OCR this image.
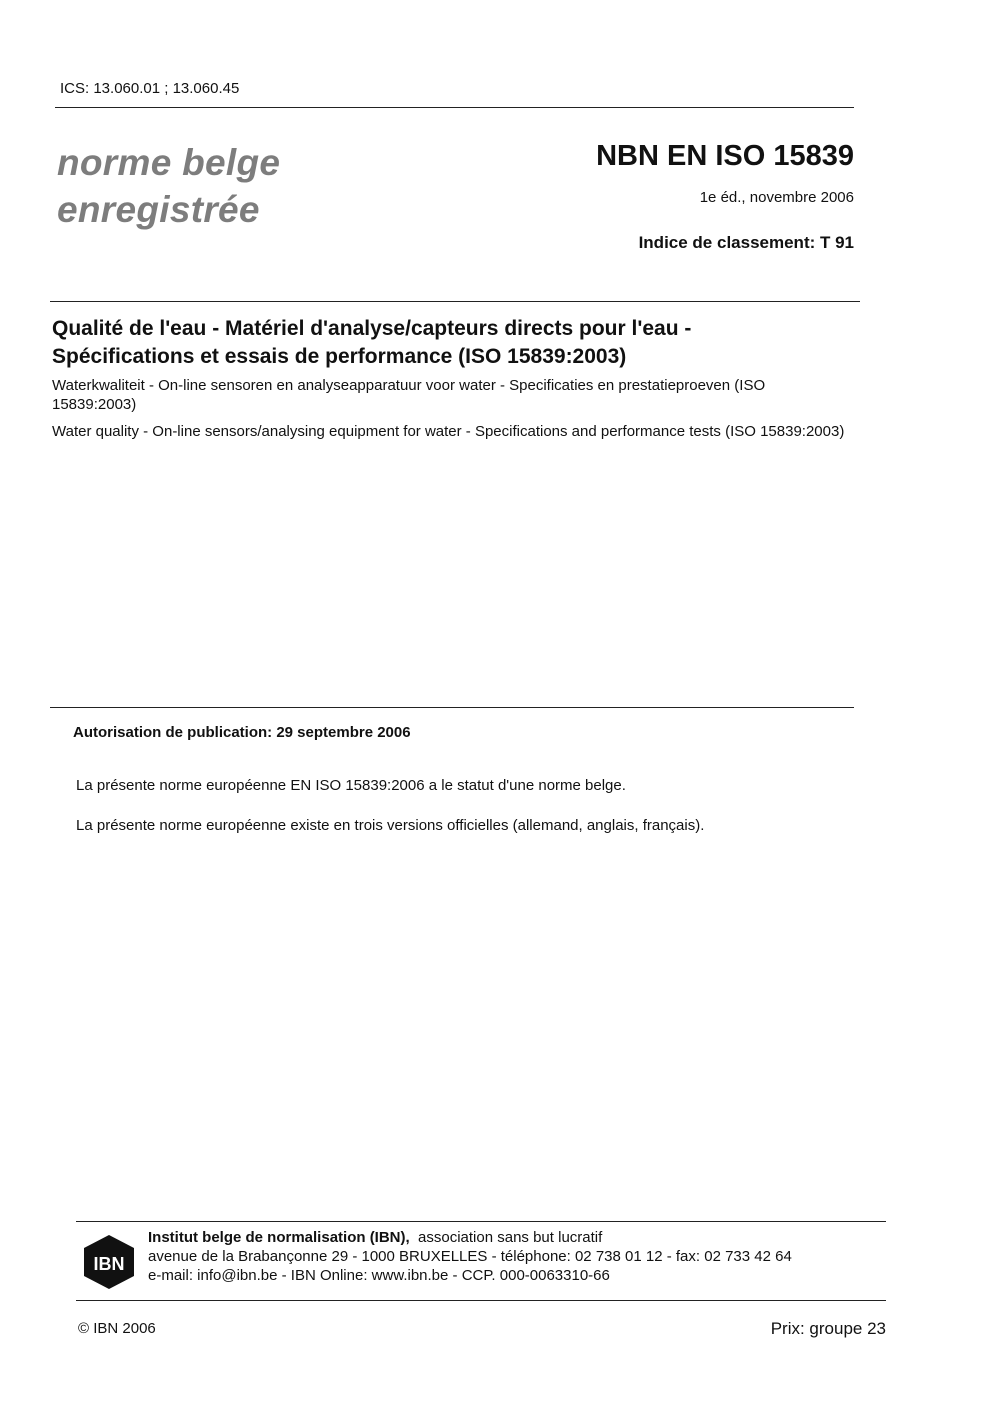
ICS: 13.060.01 ; 13.060.45
norme belge
enregistrée
NBN EN ISO 15839
1e éd., novembre 2006
Indice de classement: T 91
Qualité de l'eau - Matériel d'analyse/capteurs directs pour l'eau - Spécifications et essais de performance (ISO 15839:2003)
Waterkwaliteit - On-line sensoren en analyseapparatuur voor water - Specificaties en prestatieproeven (ISO 15839:2003)
Water quality - On-line sensors/analysing equipment for water - Specifications and performance tests (ISO 15839:2003)
Autorisation de publication: 29 septembre 2006
La présente norme européenne EN ISO 15839:2006 a le statut d'une norme belge.
La présente norme européenne existe en trois versions officielles (allemand, anglais, français).
IBN
Institut belge de normalisation (IBN),  association sans but lucratif
avenue de la Brabançonne 29 - 1000 BRUXELLES - téléphone: 02 738 01 12 - fax: 02 733 42 64
e-mail: info@ibn.be - IBN Online: www.ibn.be - CCP. 000-0063310-66
© IBN 2006	Prix: groupe 23
